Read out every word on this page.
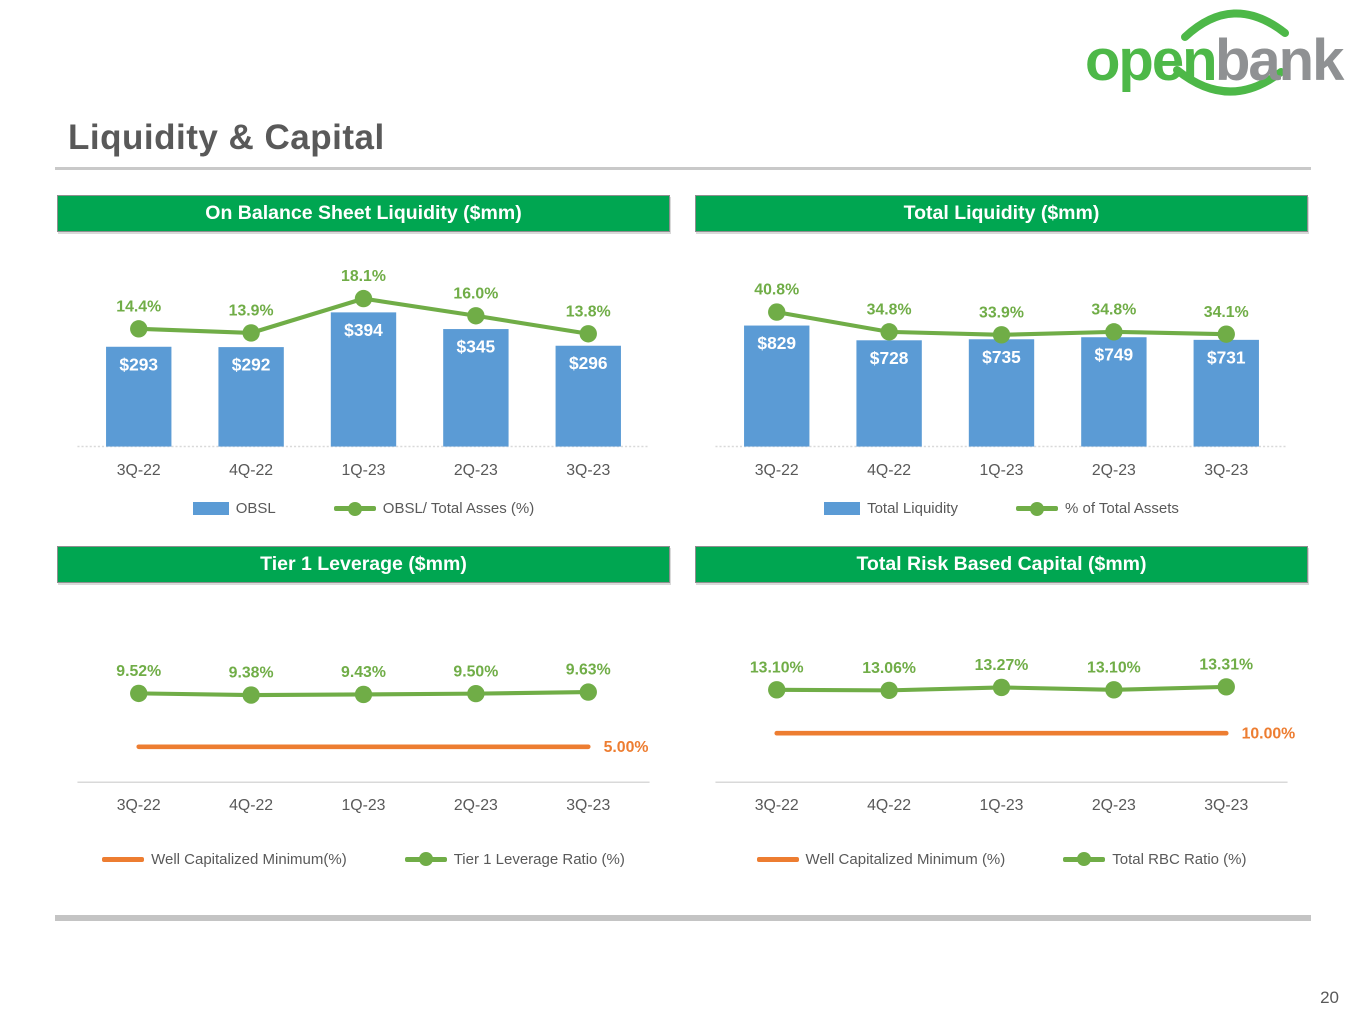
open bank
Liquidity & Capital
On Balance Sheet Liquidity ($mm)
3Q-22	4Q-22	1Q-23	2Q-23	3Q-23
$293	$292
$394
$345
$296
14.4%	13.9%
18.1%
16.0%
13.8%
OBSL	OBSL/ Total Asses (%)
Total Liquidity ($mm)
3Q-22	4Q-22	1Q-23	2Q-23	3Q-23
$829
$728	$735	$749	$731
40.8%
34.8%	33.9%	34.8%	34.1%
Total Liquidity	% of Total Assets
Tier 1 Leverage ($mm)
3Q-22	4Q-22	1Q-23	2Q-23	3Q-23
5.00%
9.52%	9.38%	9.43%	9.50%	9.63%
Well Capitalized Minimum(%)	Tier 1 Leverage Ratio (%)
Total Risk Based Capital ($mm)
3Q-22	4Q-22	1Q-23	2Q-23	3Q-23
10.00%
13.10%	13.06%	13.27%	13.10%	13.31%
Well Capitalized Minimum (%)	Total RBC Ratio (%)
20
